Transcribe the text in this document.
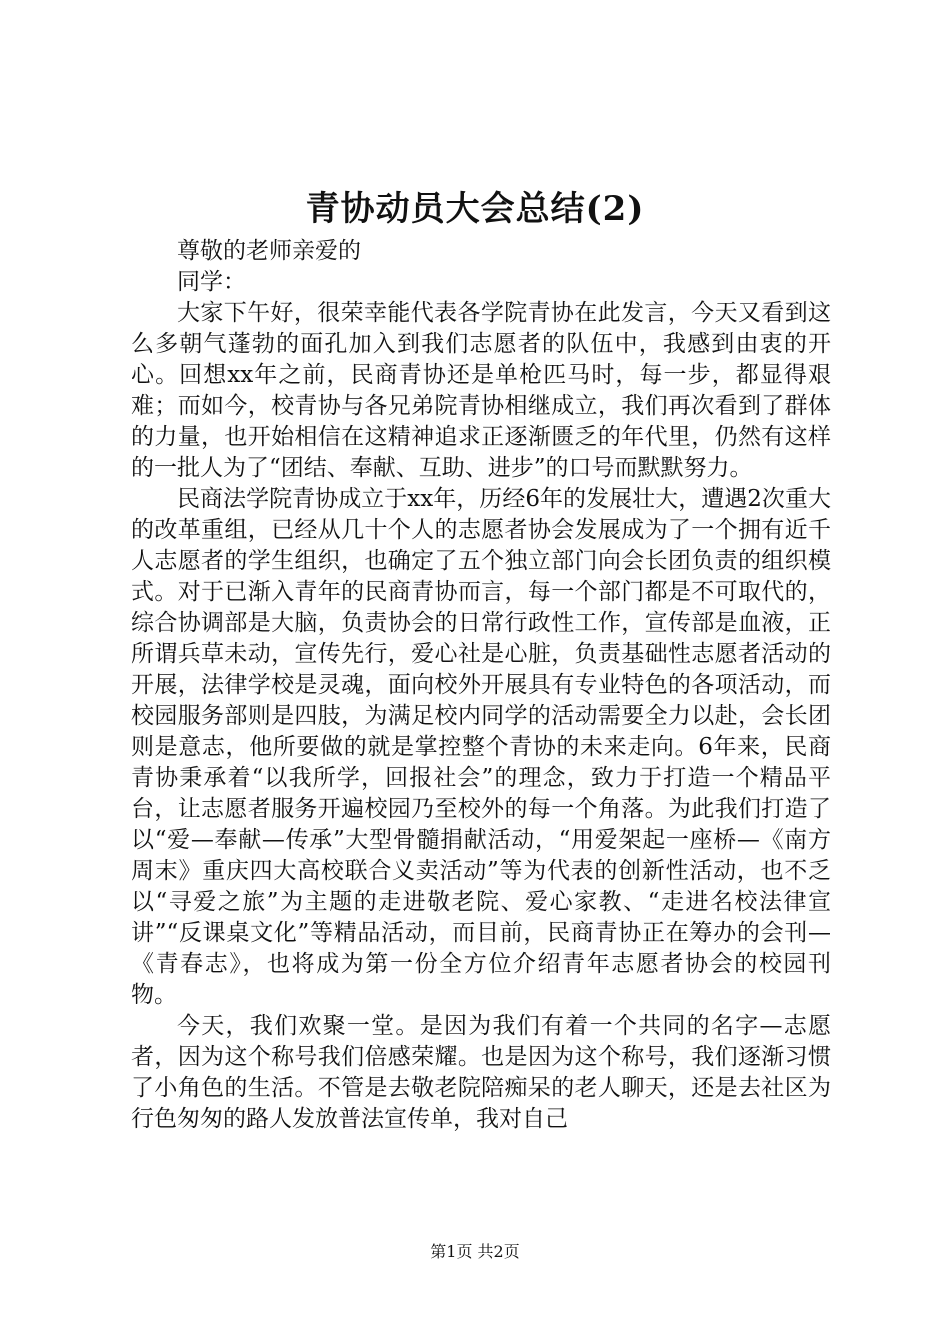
青协动员大会总结(2)

尊敬的老师亲爱的

同学：

大家下午好，很荣幸能代表各学院青协在此发言，今天又看到这么多朝气蓬勃的面孔加入到我们志愿者的队伍中，我感到由衷的开心。回想xx年之前，民商青协还是单枪匹马时，每一步，都显得艰难；而如今，校青协与各兄弟院青协相继成立，我们再次看到了群体的力量，也开始相信在这精神追求正逐渐匮乏的年代里，仍然有这样的一批人为了“团结、奉献、互助、进步”的口号而默默努力。

民商法学院青协成立于xx年，历经6年的发展壮大，遭遇2次重大的改革重组，已经从几十个人的志愿者协会发展成为了一个拥有近千人志愿者的学生组织，也确定了五个独立部门向会长团负责的组织模式。对于已渐入青年的民商青协而言，每一个部门都是不可取代的，综合协调部是大脑，负责协会的日常行政性工作，宣传部是血液，正所谓兵草未动，宣传先行，爱心社是心脏，负责基础性志愿者活动的开展，法律学校是灵魂，面向校外开展具有专业特色的各项活动，而校园服务部则是四肢，为满足校内同学的活动需要全力以赴，会长团则是意志，他所要做的就是掌控整个青协的未来走向。6年来，民商青协秉承着“以我所学，回报社会”的理念，致力于打造一个精品平台，让志愿者服务开遍校园乃至校外的每一个角落。为此我们打造了以“爱—奉献—传承”大型骨髓捐献活动，“用爱架起一座桥—《南方周末》重庆四大高校联合义卖活动”等为代表的创新性活动，也不乏以“寻爱之旅”为主题的走进敬老院、爱心家教、“走进名校法律宣讲”“反课桌文化”等精品活动，而目前，民商青协正在筹办的会刊—《青春志》，也将成为第一份全方位介绍青年志愿者协会的校园刊物。

今天，我们欢聚一堂。是因为我们有着一个共同的名字—志愿者，因为这个称号我们倍感荣耀。也是因为这个称号，我们逐渐习惯了小角色的生活。不管是去敬老院陪痴呆的老人聊天，还是去社区为行色匆匆的路人发放普法宣传单，我对自己

第1页 共2页
